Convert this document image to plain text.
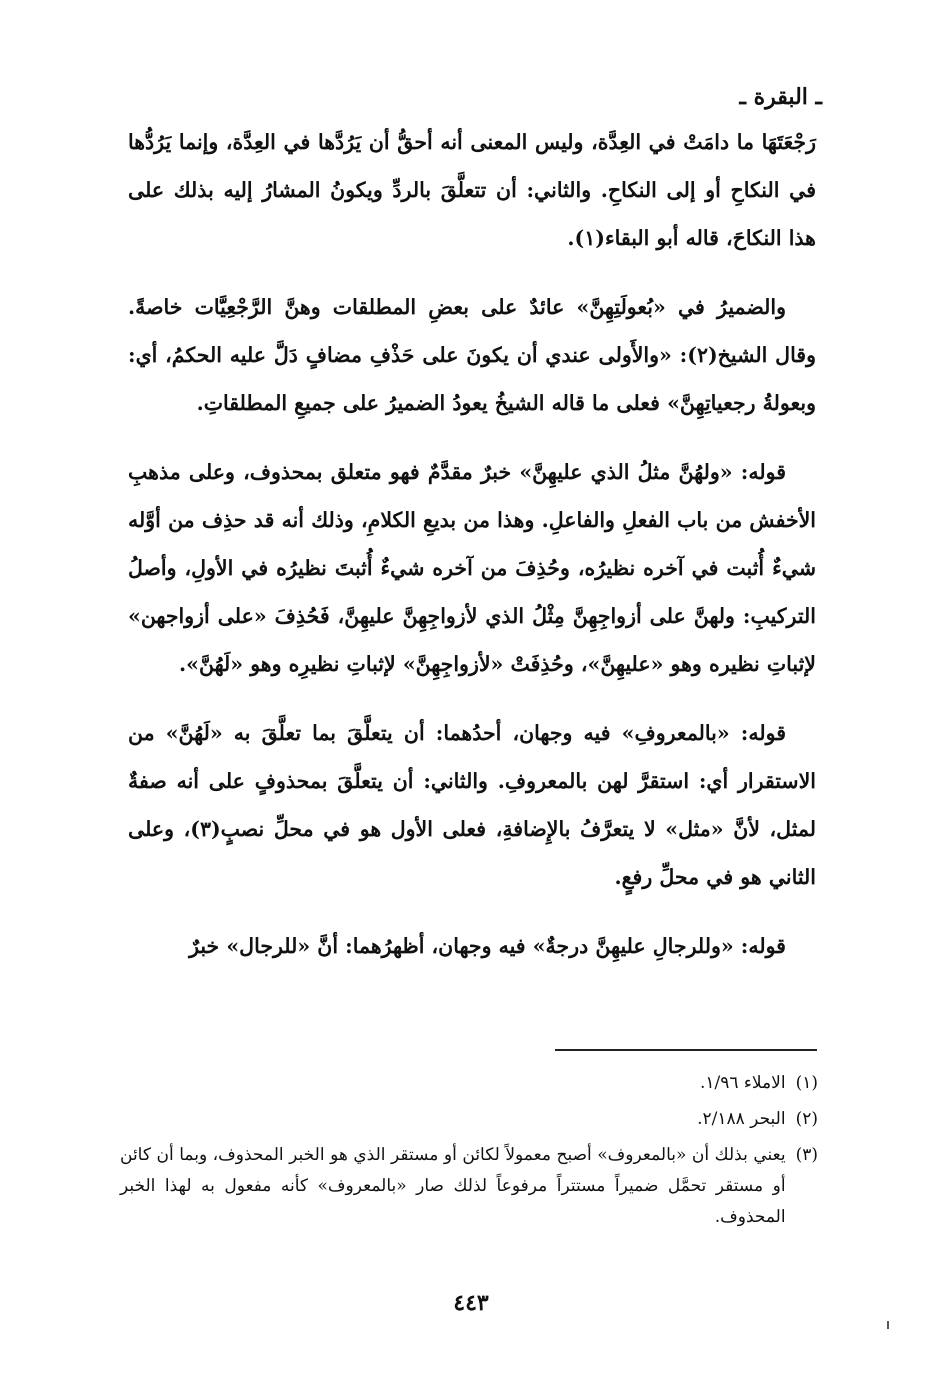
ـ البقرة ـ

رَجْعَتَهَا ما دامَتْ في العِدَّة، وليس المعنى أنه أحقُّ أن يَرُدَّها في العِدَّة، وإنما يَرُدُّها في النكاحِ أو إلى النكاحِ. والثاني: أن تتعلَّقَ بالردِّ ويكونُ المشارُ إليه بذلك على هذا النكاحَ، قاله أبو البقاء(١).

والضميرُ في «بُعولَتِهِنَّ» عائدٌ على بعضِ المطلقات وهنَّ الرَّجْعِيَّات خاصةً. وقال الشيخ(٢): «والأَولى عندي أن يكونَ على حَذْفِ مضافٍ دَلَّ عليه الحكمُ، أي: وبعولةُ رجعياتِهِنَّ» فعلى ما قاله الشيخُ يعودُ الضميرُ على جميعِ المطلقاتِ.

قوله: «ولهُنَّ مثلُ الذي عليهِنَّ» خبرٌ مقدَّمٌ فهو متعلق بمحذوف، وعلى مذهبِ الأخفش من باب الفعلِ والفاعلِ. وهذا من بديعِ الكلامِ، وذلك أنه قد حذِف من أوَّله شيءٌ أُثبت في آخره نظيرُه، وحُذِفَ من آخره شيءٌ أُثبتَ نظيرُه في الأولِ، وأصلُ التركيبِ: ولهنَّ على أزواجِهِنَّ مِثْلُ الذي لأزواجِهِنَّ عليهِنَّ، فَحُذِفَ «على أزواجهن» لإثباتِ نظيره وهو «عليهِنَّ»، وحُذِفَتْ «لأزواجِهِنَّ» لإثباتِ نظيرِه وهو «لَهُنَّ».

قوله: «بالمعروفِ» فيه وجهان، أحدُهما: أن يتعلَّقَ بما تعلَّقَ به «لَهُنَّ» من الاستقرار أي: استقرَّ لهن بالمعروفِ. والثاني: أن يتعلَّقَ بمحذوفٍ على أنه صفةٌ لمثل، لأنَّ «مثل» لا يتعرَّفُ بالإِضافةِ، فعلى الأول هو في محلِّ نصبٍ(٣)، وعلى الثاني هو في محلِّ رفعٍ.

قوله: «وللرجالِ عليهِنَّ درجةٌ» فيه وجهان، أظهرُهما: أنَّ «للرجال» خبرٌ

(١)
الاملاء ١/٩٦.
(٢)
البحر ٢/١٨٨.
(٣)
يعني بذلك أن «بالمعروف» أصبح معمولاً لكائن أو مستقر الذي هو الخبر المحذوف، وبما أن كائن أو مستقر تحمَّل ضميراً مستتراً مرفوعاً لذلك صار «بالمعروف» كأنه مفعول به لهذا الخبر المحذوف.
٤٤٣
